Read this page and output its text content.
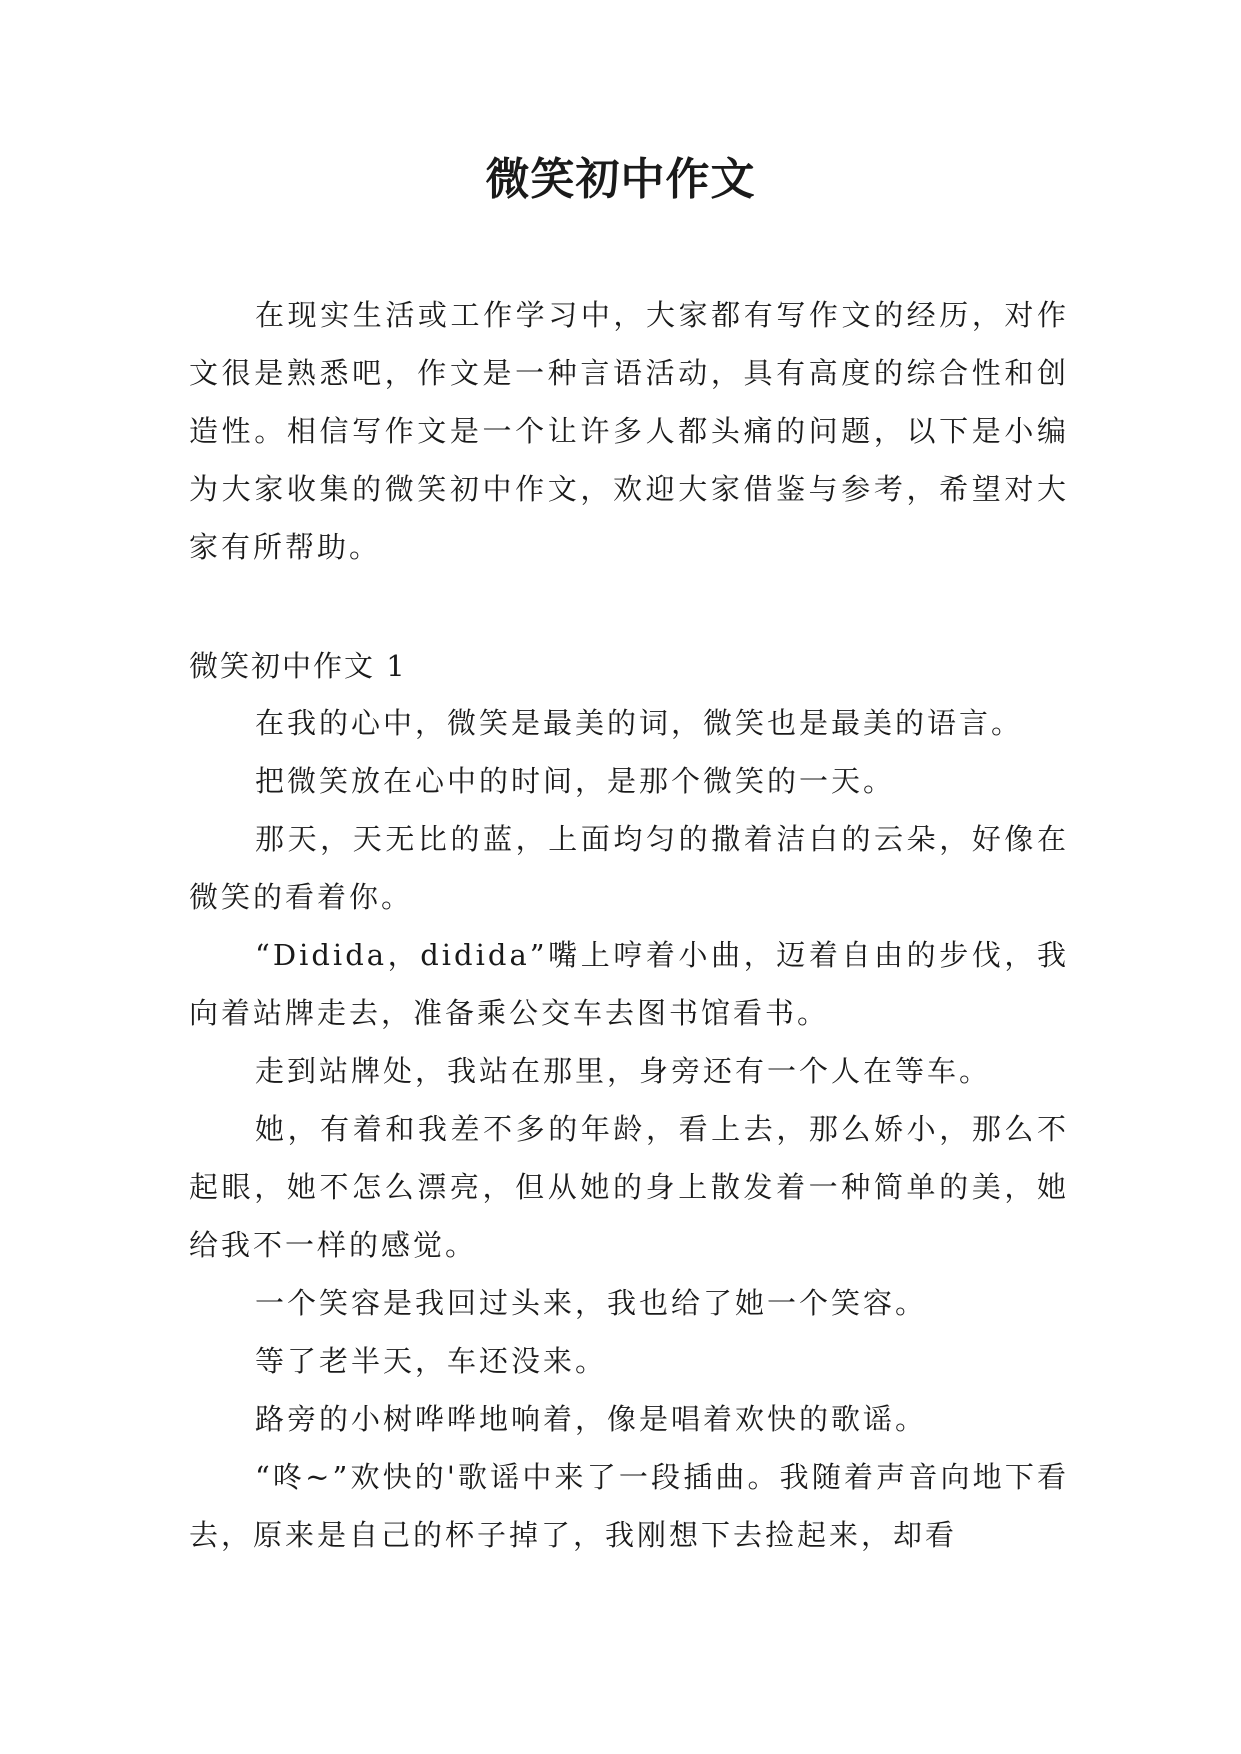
微笑初中作文

在现实生活或工作学习中，大家都有写作文的经历，对作文很是熟悉吧，作文是一种言语活动，具有高度的综合性和创造性。相信写作文是一个让许多人都头痛的问题，以下是小编为大家收集的微笑初中作文，欢迎大家借鉴与参考，希望对大家有所帮助。

微笑初中作文 1

在我的心中，微笑是最美的词，微笑也是最美的语言。

把微笑放在心中的时间，是那个微笑的一天。

那天，天无比的蓝，上面均匀的撒着洁白的云朵，好像在微笑的看着你。

“Didida，didida”嘴上哼着小曲，迈着自由的步伐，我向着站牌走去，准备乘公交车去图书馆看书。

走到站牌处，我站在那里，身旁还有一个人在等车。

她，有着和我差不多的年龄，看上去，那么娇小，那么不起眼，她不怎么漂亮，但从她的身上散发着一种简单的美，她给我不一样的感觉。

一个笑容是我回过头来，我也给了她一个笑容。

等了老半天，车还没来。

路旁的小树哗哗地响着，像是唱着欢快的歌谣。

“咚~”欢快的'歌谣中来了一段插曲。我随着声音向地下看去，原来是自己的杯子掉了，我刚想下去捡起来，却看
